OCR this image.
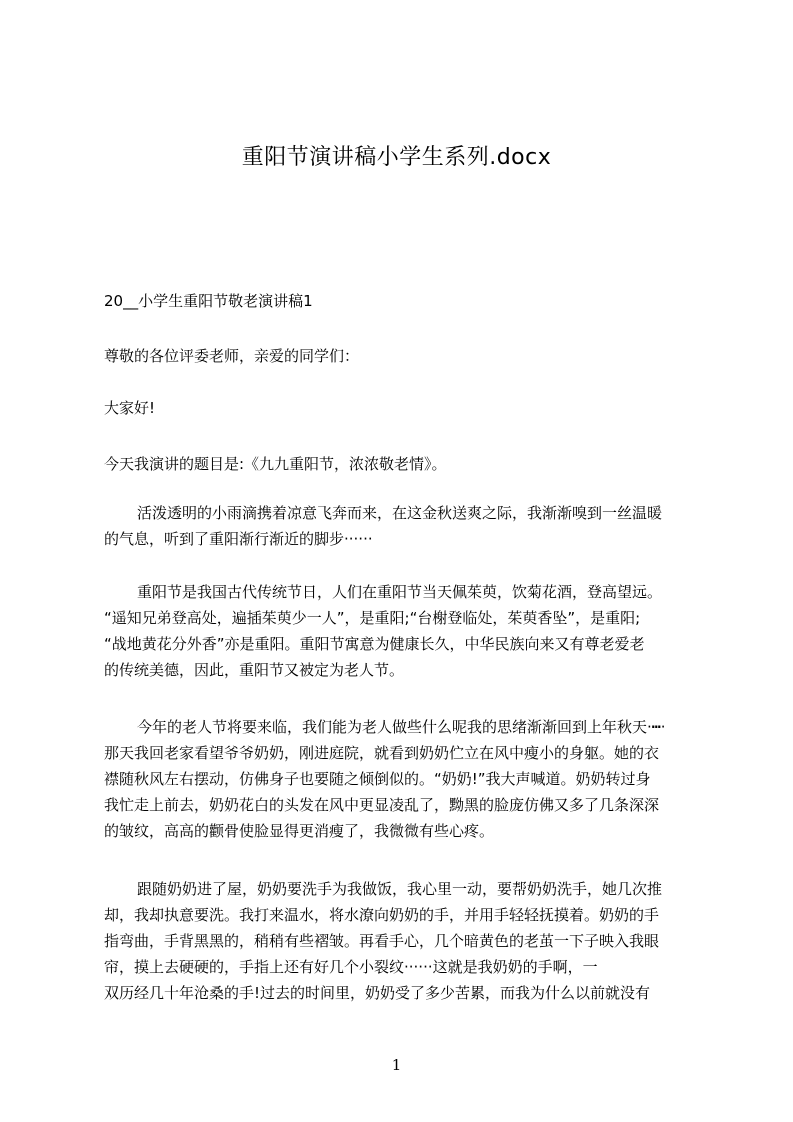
重阳节演讲稿小学生系列.docx

20__小学生重阳节敬老演讲稿1

尊敬的各位评委老师，亲爱的同学们：

大家好!

今天我演讲的题目是:《九九重阳节，浓浓敬老情》。

活泼透明的小雨滴携着凉意飞奔而来，在这金秋送爽之际，我渐渐嗅到一丝温暖
的气息，听到了重阳渐行渐近的脚步······
重阳节是我国古代传统节日，人们在重阳节当天佩茱萸，饮菊花酒，登高望远。
“遥知兄弟登高处，遍插茱萸少一人”，是重阳;“台榭登临处，茱萸香坠”，是重阳;
“战地黄花分外香”亦是重阳。重阳节寓意为健康长久，中华民族向来又有尊老爱老
的传统美德，因此，重阳节又被定为老人节。
今年的老人节将要来临，我们能为老人做些什么呢我的思绪渐渐回到上年秋天·┅·
那天我回老家看望爷爷奶奶，刚进庭院，就看到奶奶伫立在风中瘦小的身躯。她的衣
襟随秋风左右摆动，仿佛身子也要随之倾倒似的。“奶奶!”我大声喊道。奶奶转过身
我忙走上前去，奶奶花白的头发在风中更显凌乱了，黝黑的脸庞仿佛又多了几条深深
的皱纹，高高的颧骨使脸显得更消瘦了，我微微有些心疼。
跟随奶奶进了屋，奶奶要洗手为我做饭，我心里一动，要帮奶奶洗手，她几次推
却，我却执意要洗。我打来温水，将水潦向奶奶的手，并用手轻轻抚摸着。奶奶的手
指弯曲，手背黑黑的，稍稍有些褶皱。再看手心，几个暗黄色的老茧一下子映入我眼
帘，摸上去硬硬的，手指上还有好几个小裂纹······这就是我奶奶的手啊，一
双历经几十年沧桑的手!过去的时间里，奶奶受了多少苦累，而我为什么以前就没有
1
